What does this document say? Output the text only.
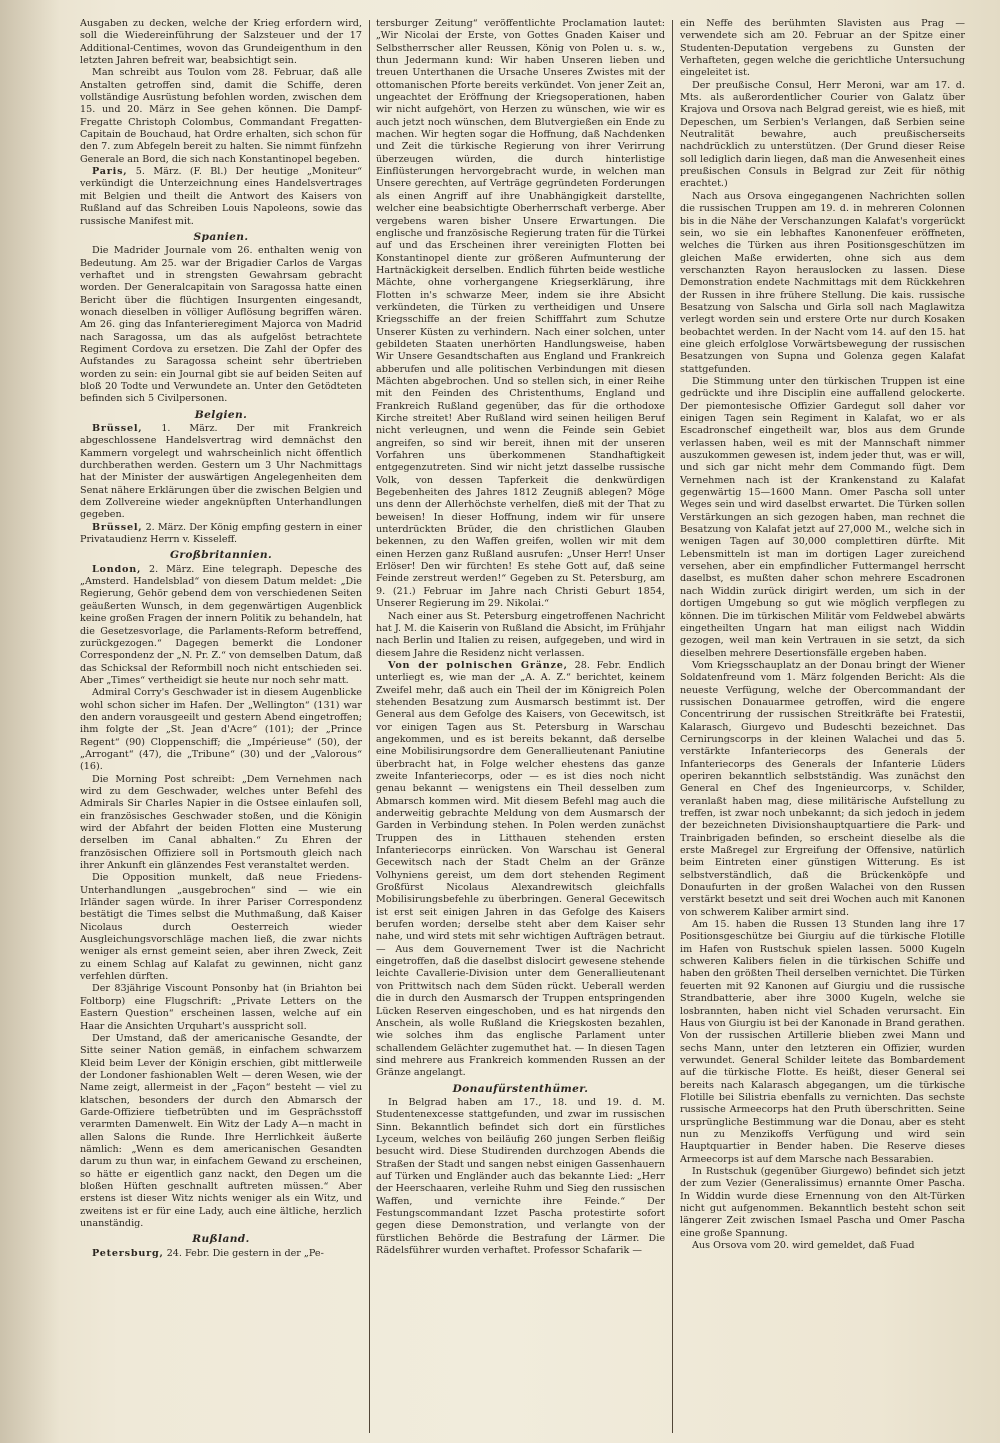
Ausgaben zu decken, welche der Krieg erfordern wird, soll die Wiedereinführung der Salzsteuer und der 17 Additional-Centimes, wovon das Grundeigenthum in den letzten Jahren befreit war, beabsichtigt sein.

Man schreibt aus Toulon vom 28. Februar, daß alle Anstalten getroffen sind, damit die Schiffe, deren vollständige Ausrüstung befohlen worden, zwischen dem 15. und 20. März in See gehen können. Die Dampf-Fregatte Christoph Colombus, Commandant Fregatten-Capitain de Bouchaud, hat Ordre erhalten, sich schon für den 7. zum Abfegeln bereit zu halten. Sie nimmt fünfzehn Generale an Bord, die sich nach Konstantinopel begeben.

Paris, 5. März. (F. Bl.) Der heutige „Moniteur“ verkündigt die Unterzeichnung eines Handelsvertrages mit Belgien und theilt die Antwort des Kaisers von Rußland auf das Schreiben Louis Napoleons, sowie das russische Manifest mit.

Spanien.

Die Madrider Journale vom 26. enthalten wenig von Bedeutung. Am 25. war der Brigadier Carlos de Vargas verhaftet und in strengsten Gewahrsam gebracht worden. Der Generalcapitain von Saragossa hatte einen Bericht über die flüchtigen Insurgenten eingesandt, wonach dieselben in völliger Auflösung begriffen wären. Am 26. ging das Infanterieregiment Majorca von Madrid nach Saragossa, um das als aufgelöst betrachtete Regiment Cordova zu ersetzen. Die Zahl der Opfer des Aufstandes zu Saragossa scheint sehr übertrieben worden zu sein: ein Journal gibt sie auf beiden Seiten auf bloß 20 Todte und Verwundete an. Unter den Getödteten befinden sich 5 Civilpersonen.

Belgien.

Brüssel, 1. März. Der mit Frankreich abgeschlossene Handelsvertrag wird demnächst den Kammern vorgelegt und wahrscheinlich nicht öffentlich durchberathen werden. Gestern um 3 Uhr Nachmittags hat der Minister der auswärtigen Angelegenheiten dem Senat nähere Erklärungen über die zwischen Belgien und dem Zollvereine wieder angeknüpften Unterhandlungen gegeben.

Brüssel, 2. März. Der König empfing gestern in einer Privataudienz Herrn v. Kisseleff.

Großbritannien.

London, 2. März. Eine telegraph. Depesche des „Amsterd. Handelsblad“ von diesem Datum meldet: „Die Regierung, Gehör gebend dem von verschiedenen Seiten geäußerten Wunsch, in dem gegenwärtigen Augenblick keine großen Fragen der innern Politik zu behandeln, hat die Gesetzesvorlage, die Parlaments-Reform betreffend, zurückgezogen.“ Dagegen bemerkt die Londoner Correspondenz der „N. Pr. Z.“ von demselben Datum, daß das Schicksal der Reformbill noch nicht entschieden sei. Aber „Times“ vertheidigt sie heute nur noch sehr matt.

Admiral Corry's Geschwader ist in diesem Augenblicke wohl schon sicher im Hafen. Der „Wellington“ (131) war den andern vorausgeeilt und gestern Abend eingetroffen; ihm folgte der „St. Jean d'Acre“ (101); der „Prince Regent“ (90) Cloppenschiff; die „Impérieuse“ (50), der „Arrogant“ (47), die „Tribune“ (30) und der „Valorous“ (16).

Die Morning Post schreibt: „Dem Vernehmen nach wird zu dem Geschwader, welches unter Befehl des Admirals Sir Charles Napier in die Ostsee einlaufen soll, ein französisches Geschwader stoßen, und die Königin wird der Abfahrt der beiden Flotten eine Musterung derselben im Canal abhalten.“ Zu Ehren der französischen Offiziere soll in Portsmouth gleich nach ihrer Ankunft ein glänzendes Fest veranstaltet werden.

Die Opposition munkelt, daß neue Friedens-Unterhandlungen „ausgebrochen“ sind — wie ein Irländer sagen würde. In ihrer Pariser Correspondenz bestätigt die Times selbst die Muthmaßung, daß Kaiser Nicolaus durch Oesterreich wieder Ausgleichungsvorschläge machen ließ, die zwar nichts weniger als ernst gemeint seien, aber ihren Zweck, Zeit zu einem Schlag auf Kalafat zu gewinnen, nicht ganz verfehlen dürften.

Der 83jährige Viscount Ponsonby hat (in Briahton bei Foltborp) eine Flugschrift: „Private Letters on the Eastern Question“ erscheinen lassen, welche auf ein Haar die Ansichten Urquhart's ausspricht soll.

Der Umstand, daß der americanische Gesandte, der Sitte seiner Nation gemäß, in einfachem schwarzem Kleid beim Lever der Königin erschien, gibt mittlerweile der Londoner fashionablen Welt — deren Wesen, wie der Name zeigt, allermeist in der „Façon“ besteht — viel zu klatschen, besonders der durch den Abmarsch der Garde-Offiziere tiefbetrübten und im Gesprächsstoff verarmten Damenwelt. Ein Witz der Lady A—n macht in allen Salons die Runde. Ihre Herrlichkeit äußerte nämlich: „Wenn es dem americanischen Gesandten darum zu thun war, in einfachem Gewand zu erscheinen, so hätte er eigentlich ganz nackt, den Degen um die bloßen Hüften geschnallt auftreten müssen.“ Aber erstens ist dieser Witz nichts weniger als ein Witz, und zweitens ist er für eine Lady, auch eine ältliche, herzlich unanständig.

Rußland.

Petersburg, 24. Febr. Die gestern in der „Pe-

tersburger Zeitung“ veröffentlichte Proclamation lautet: „Wir Nicolai der Erste, von Gottes Gnaden Kaiser und Selbstherrscher aller Reussen, König von Polen u. s. w., thun Jedermann kund: Wir haben Unseren lieben und treuen Unterthanen die Ursache Unseres Zwistes mit der ottomanischen Pforte bereits verkündet. Von jener Zeit an, ungeachtet der Eröffnung der Kriegsoperationen, haben wir nicht aufgehört, von Herzen zu wünschen, wie wir es auch jetzt noch wünschen, dem Blutvergießen ein Ende zu machen. Wir hegten sogar die Hoffnung, daß Nachdenken und Zeit die türkische Regierung von ihrer Verirrung überzeugen würden, die durch hinterlistige Einflüsterungen hervorgebracht wurde, in welchen man Unsere gerechten, auf Verträge gegründeten Forderungen als einen Angriff auf ihre Unabhängigkeit darstellte, welcher eine beabsichtigte Oberherrschaft verberge. Aber vergebens waren bisher Unsere Erwartungen. Die englische und französische Regierung traten für die Türkei auf und das Erscheinen ihrer vereinigten Flotten bei Konstantinopel diente zur größeren Aufmunterung der Hartnäckigkeit derselben. Endlich führten beide westliche Mächte, ohne vorhergangene Kriegserklärung, ihre Flotten in's schwarze Meer, indem sie ihre Absicht verkündeten, die Türken zu vertheidigen und Unsere Kriegsschiffe an der freien Schifffahrt zum Schutze Unserer Küsten zu verhindern. Nach einer solchen, unter gebildeten Staaten unerhörten Handlungsweise, haben Wir Unsere Gesandtschaften aus England und Frankreich abberufen und alle politischen Verbindungen mit diesen Mächten abgebrochen. Und so stellen sich, in einer Reihe mit den Feinden des Christenthums, England und Frankreich Rußland gegenüber, das für die orthodoxe Kirche streitet! Aber Rußland wird seinen heiligen Beruf nicht verleugnen, und wenn die Feinde sein Gebiet angreifen, so sind wir bereit, ihnen mit der unseren Vorfahren uns überkommenen Standhaftigkeit entgegenzutreten. Sind wir nicht jetzt dasselbe russische Volk, von dessen Tapferkeit die denkwürdigen Begebenheiten des Jahres 1812 Zeugniß ablegen? Möge uns denn der Allerhöchste verhelfen, dieß mit der That zu beweisen! In dieser Hoffnung, indem wir für unsere unterdrückten Brüder, die den christlichen Glauben bekennen, zu den Waffen greifen, wollen wir mit dem einen Herzen ganz Rußland ausrufen: „Unser Herr! Unser Erlöser! Den wir fürchten! Es stehe Gott auf, daß seine Feinde zerstreut werden!“ Gegeben zu St. Petersburg, am 9. (21.) Februar im Jahre nach Christi Geburt 1854, Unserer Regierung im 29. Nikolai.“

Nach einer aus St. Petersburg eingetroffenen Nachricht hat J. M. die Kaiserin von Rußland die Absicht, im Frühjahr nach Berlin und Italien zu reisen, aufgegeben, und wird in diesem Jahre die Residenz nicht verlassen.

Von der polnischen Gränze, 28. Febr. Endlich unterliegt es, wie man der „A. A. Z.“ berichtet, keinem Zweifel mehr, daß auch ein Theil der im Königreich Polen stehenden Besatzung zum Ausmarsch bestimmt ist. Der General aus dem Gefolge des Kaisers, von Gecewitsch, ist vor einigen Tagen aus St. Petersburg in Warschau angekommen, und es ist bereits bekannt, daß derselbe eine Mobilisirungsordre dem Generallieutenant Paniutine überbracht hat, in Folge welcher ehestens das ganze zweite Infanteriecorps, oder — es ist dies noch nicht genau bekannt — wenigstens ein Theil desselben zum Abmarsch kommen wird. Mit diesem Befehl mag auch die anderweitig gebrachte Meldung von dem Ausmarsch der Garden in Verbindung stehen. In Polen werden zunächst Truppen des in Litthauen stehenden ersten Infanteriecorps einrücken. Von Warschau ist General Gecewitsch nach der Stadt Chelm an der Gränze Volhyniens gereist, um dem dort stehenden Regiment Großfürst Nicolaus Alexandrewitsch gleichfalls Mobilisirungsbefehle zu überbringen. General Gecewitsch ist erst seit einigen Jahren in das Gefolge des Kaisers berufen worden; derselbe steht aber dem Kaiser sehr nahe, und wird stets mit sehr wichtigen Aufträgen betraut. — Aus dem Gouvernement Twer ist die Nachricht eingetroffen, daß die daselbst dislocirt gewesene stehende leichte Cavallerie-Division unter dem Generallieutenant von Prittwitsch nach dem Süden rückt. Ueberall werden die in durch den Ausmarsch der Truppen entspringenden Lücken Reserven eingeschoben, und es hat nirgends den Anschein, als wolle Rußland die Kriegskosten bezahlen, wie solches ihm das englische Parlament unter schallendem Gelächter zugemuthet hat. — In diesen Tagen sind mehrere aus Frankreich kommenden Russen an der Gränze angelangt.

Donaufürstenthümer.

In Belgrad haben am 17., 18. und 19. d. M. Studentenexcesse stattgefunden, und zwar im russischen Sinn. Bekanntlich befindet sich dort ein fürstliches Lyceum, welches von beiläufig 260 jungen Serben fleißig besucht wird. Diese Studirenden durchzogen Abends die Straßen der Stadt und sangen nebst einigen Gassenhauern auf Türken und Engländer auch das bekannte Lied: „Herr der Heerschaaren, verleihe Ruhm und Sieg den russischen Waffen, und vernichte ihre Feinde.“ Der Festungscommandant Izzet Pascha protestirte sofort gegen diese Demonstration, und verlangte von der fürstlichen Behörde die Bestrafung der Lärmer. Die Rädelsführer wurden verhaftet. Professor Schafarik —

ein Neffe des berühmten Slavisten aus Prag — verwendete sich am 20. Februar an der Spitze einer Studenten-Deputation vergebens zu Gunsten der Verhafteten, gegen welche die gerichtliche Untersuchung eingeleitet ist.

Der preußische Consul, Herr Meroni, war am 17. d. Mts. als außerordentlicher Courier von Galatz über Krajova und Orsova nach Belgrad gereist, wie es hieß, mit Depeschen, um Serbien's Verlangen, daß Serbien seine Neutralität bewahre, auch preußischerseits nachdrücklich zu unterstützen. (Der Grund dieser Reise soll lediglich darin liegen, daß man die Anwesenheit eines preußischen Consuls in Belgrad zur Zeit für nöthig erachtet.)

Nach aus Orsova eingegangenen Nachrichten sollen die russischen Truppen am 19. d. in mehreren Colonnen bis in die Nähe der Verschanzungen Kalafat's vorgerückt sein, wo sie ein lebhaftes Kanonenfeuer eröffneten, welches die Türken aus ihren Positionsgeschützen im gleichen Maße erwiderten, ohne sich aus dem verschanzten Rayon herauslocken zu lassen. Diese Demonstration endete Nachmittags mit dem Rückkehren der Russen in ihre frühere Stellung. Die kais. russische Besatzung von Salscha und Girla soll nach Maglawitza verlegt worden sein und erstere Orte nur durch Kosaken beobachtet werden. In der Nacht vom 14. auf den 15. hat eine gleich erfolglose Vorwärtsbewegung der russischen Besatzungen von Supna und Golenza gegen Kalafat stattgefunden.

Die Stimmung unter den türkischen Truppen ist eine gedrückte und ihre Disciplin eine auffallend gelockerte. Der piemontesische Offizier Gardegut soll daher vor einigen Tagen sein Regiment in Kalafat, wo er als Escadronschef eingetheilt war, blos aus dem Grunde verlassen haben, weil es mit der Mannschaft nimmer auszukommen gewesen ist, indem jeder thut, was er will, und sich gar nicht mehr dem Commando fügt. Dem Vernehmen nach ist der Krankenstand zu Kalafat gegenwärtig 15—1600 Mann. Omer Pascha soll unter Weges sein und wird daselbst erwartet. Die Türken sollen Verstärkungen an sich gezogen haben, man rechnet die Besatzung von Kalafat jetzt auf 27,000 M., welche sich in wenigen Tagen auf 30,000 complettiren dürfte. Mit Lebensmitteln ist man im dortigen Lager zureichend versehen, aber ein empfindlicher Futtermangel herrscht daselbst, es mußten daher schon mehrere Escadronen nach Widdin zurück dirigirt werden, um sich in der dortigen Umgebung so gut wie möglich verpflegen zu können. Die im türkischen Militär vom Feldwebel abwärts eingetheilten Ungarn hat man eiligst nach Widdin gezogen, weil man kein Vertrauen in sie setzt, da sich dieselben mehrere Desertionsfälle ergeben haben.

Vom Kriegsschauplatz an der Donau bringt der Wiener Soldatenfreund vom 1. März folgenden Bericht: Als die neueste Verfügung, welche der Obercommandant der russischen Donauarmee getroffen, wird die engere Concentrirung der russischen Streitkräfte bei Fratestii, Kalarasch, Giurgevo und Budeschti bezeichnet. Das Cernirungscorps in der kleinen Walachei und das 5. verstärkte Infanteriecorps des Generals der Infanteriecorps des Generals der Infanterie Lüders operiren bekanntlich selbstständig. Was zunächst den General en Chef des Ingenieurcorps, v. Schilder, veranlaßt haben mag, diese militärische Aufstellung zu treffen, ist zwar noch unbekannt; da sich jedoch in jedem der bezeichneten Divisionshauptquartiere die Park- und Trainbrigaden befinden, so erscheint dieselbe als die erste Maßregel zur Ergreifung der Offensive, natürlich beim Eintreten einer günstigen Witterung. Es ist selbstverständlich, daß die Brückenköpfe und Donaufurten in der großen Walachei von den Russen verstärkt besetzt und seit drei Wochen auch mit Kanonen von schwerem Kaliber armirt sind.

Am 15. haben die Russen 13 Stunden lang ihre 17 Positionsgeschütze bei Giurgiu auf die türkische Flotille im Hafen von Rustschuk spielen lassen. 5000 Kugeln schweren Kalibers fielen in die türkischen Schiffe und haben den größten Theil derselben vernichtet. Die Türken feuerten mit 92 Kanonen auf Giurgiu und die russische Strandbatterie, aber ihre 3000 Kugeln, welche sie losbrannten, haben nicht viel Schaden verursacht. Ein Haus von Giurgiu ist bei der Kanonade in Brand gerathen. Von der russischen Artillerie blieben zwei Mann und sechs Mann, unter den letzteren ein Offizier, wurden verwundet. General Schilder leitete das Bombardement auf die türkische Flotte. Es heißt, dieser General sei bereits nach Kalarasch abgegangen, um die türkische Flotille bei Silistria ebenfalls zu vernichten. Das sechste russische Armeecorps hat den Pruth überschritten. Seine ursprüngliche Bestimmung war die Donau, aber es steht nun zu Menzikoffs Verfügung und wird sein Hauptquartier in Bender haben. Die Reserve dieses Armeecorps ist auf dem Marsche nach Bessarabien.

In Rustschuk (gegenüber Giurgewo) befindet sich jetzt der zum Vezier (Generalissimus) ernannte Omer Pascha. In Widdin wurde diese Ernennung von den Alt-Türken nicht gut aufgenommen. Bekanntlich besteht schon seit längerer Zeit zwischen Ismael Pascha und Omer Pascha eine große Spannung.

Aus Orsova vom 20. wird gemeldet, daß Fuad
